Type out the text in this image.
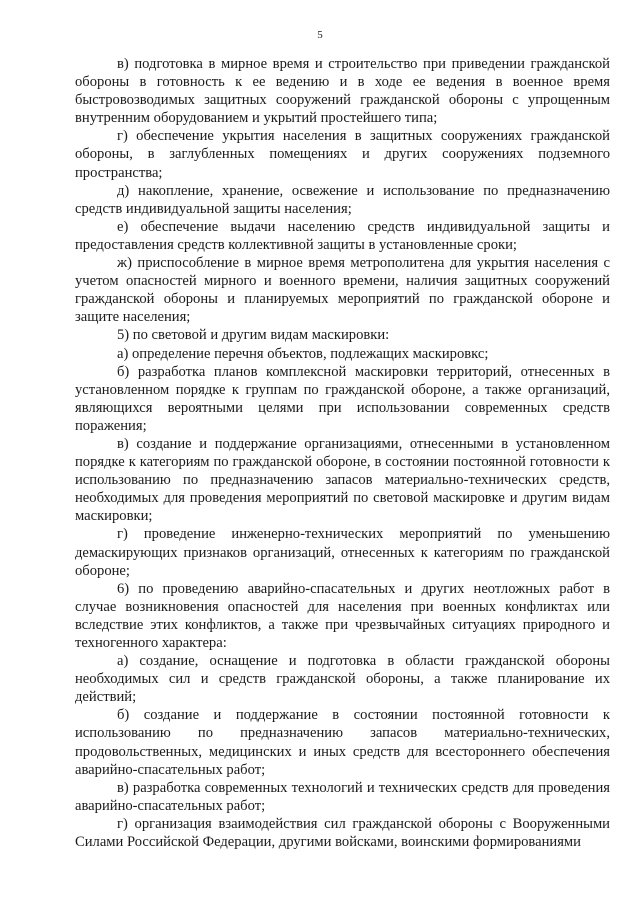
5

в) подготовка в мирное время и строительство при приведении гражданской обороны в готовность к ее ведению и в ходе ее ведения в военное время быстровозводимых защитных сооружений гражданской обороны с упрощенным внутренним оборудованием и укрытий простейшего типа;

г) обеспечение укрытия населения в защитных сооружениях гражданской обороны, в заглубленных помещениях и других сооружениях подземного пространства;

д) накопление, хранение, освежение и использование по предназначению средств индивидуальной защиты населения;

е) обеспечение выдачи населению средств индивидуальной защиты и предоставления средств коллективной защиты в установленные сроки;

ж) приспособление в мирное время метрополитена для укрытия населения с учетом опасностей мирного и военного времени, наличия защитных сооружений гражданской обороны и планируемых мероприятий по гражданской обороне и защите населения;

5) по световой и другим видам маскировки:

а) определение перечня объектов, подлежащих маскировкс;

б) разработка планов комплексной маскировки территорий, отнесенных в установленном порядке к группам по гражданской обороне, а также организаций, являющихся вероятными целями при использовании современных средств поражения;

в) создание и поддержание организациями, отнесенными в установленном порядке к категориям по гражданской обороне, в состоянии постоянной готовности к использованию по предназначению запасов материально-технических средств, необходимых для проведения мероприятий по световой маскировке и другим видам маскировки;

г) проведение инженерно-технических мероприятий по уменьшению демаскирующих признаков организаций, отнесенных к категориям по гражданской обороне;

6) по проведению аварийно-спасательных и других неотложных работ в случае возникновения опасностей для населения при военных конфликтах или вследствие этих конфликтов, а также при чрезвычайных ситуациях природного и техногенного характера:

а) создание, оснащение и подготовка в области гражданской обороны необходимых сил и средств гражданской обороны, а также планирование их действий;

б) создание и поддержание в состоянии постоянной готовности к использованию по предназначению запасов материально-технических, продовольственных, медицинских и иных средств для всестороннего обеспечения аварийно-спасательных работ;

в) разработка современных технологий и технических средств для проведения аварийно-спасательных работ;

г) организация взаимодействия сил гражданской обороны с Вооруженными Силами Российской Федерации, другими войсками, воинскими формированиями
